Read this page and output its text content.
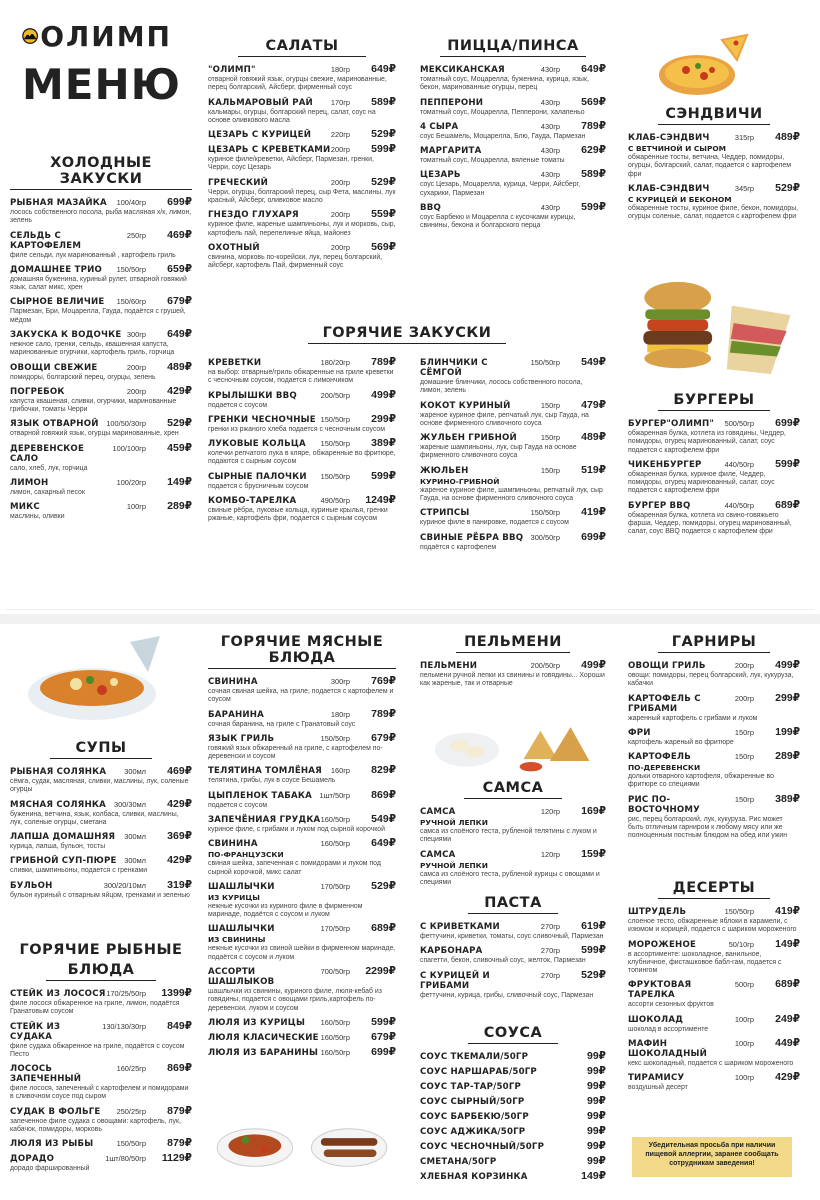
ОЛИМП
МЕНЮ
ХОЛОДНЫЕ ЗАКУСКИ
РЫБНАЯ МАЗАЙКА	100/40гр	699₽
лосось собственного посола, рыба масляная х/к, лимон, зелень
СЕЛЬДЬ С КАРТОФЕЛЕМ
250гр	469₽
филе сельди, лук маринованный , картофель гриль
ДОМАШНЕЕ ТРИО	150/50гр	659₽
домашняя буженина, куриный рулет, отварной говяжий язык, салат микс, хрен
СЫРНОЕ ВЕЛИЧИЕ	150/60гр	679₽
Пармезан, Бри, Моцарелла, Гауда, подаётся с грушей, мёдом
ЗАКУСКА К ВОДОЧКЕ 300гр	649₽
нежное сало, гренки, сельдь, квашенная капуста, маринованные огурчики, картофель гриль, горчица
ОВОЩИ СВЕЖИЕ	200гр	489₽
помидоры, болгарский перец, огурцы, зелень
ПОГРЕБОК	200гр	429₽
капуста квашеная, сливки, огурчики, маринованные грибочки, томаты Черри
ЯЗЫК ОТВАРНОЙ	100/50/30гр	529₽
отварной говяжий язык, огурцы маринованные, хрен
ДЕРЕВЕНСКОЕ САЛО
100/100гр	459₽
сало, хлеб, лук, горчица
ЛИМОН	100/20гр	149₽
лимон, сахарный песок
МИКС	100гр	289₽
маслины, оливки
САЛАТЫ
"ОЛИМП"	180гр	649₽
отварной говяжий язык, огурцы свежие, маринованные, перец болгарский, Айсберг, фирменный соус
КАЛЬМАРОВЫЙ РАЙ	170гр	589₽
кальмары, огурцы, болгарский перец, салат, соус на основе оливкового масла
ЦЕЗАРЬ С КУРИЦЕЙ	220гр	529₽
ЦЕЗАРЬ С КРЕВЕТКАМИ 200гр	599₽
куриное филе/креветки, Айсберг, Пармезан, гренки, Черри, соус Цезарь
ГРЕЧЕСКИЙ	200гр	529₽
Черри, огурцы, болгарский перец, сыр Фета, маслины, лук красный, Айсберг, оливковое масло
ГНЕЗДО ГЛУХАРЯ	200гр	559₽
куриное филе, жареные шампиньоны, лук и морковь, сыр, картофель пай, перепелиные яйца, майонез
ОХОТНЫЙ	200гр	569₽
свинина, морковь по-корейски, лук, перец болгарский, айсберг, картофель Пай, фирменный соус
ПИЦЦА/ПИНСА
МЕКСИКАНСКАЯ	430гр	649₽
томатный соус, Моцарелла, буженина, курица, язык, бекон, маринованные огурцы, перец
ПЕППЕРОНИ	430гр	569₽
томатный соус, Моцарелла, Пепперони, халапеньо
4 СЫРА	430гр	789₽
соус Бешамель, Моцарелла, Блю, Гауда, Пармезан
МАРГАРИТА	430гр	629₽
томатный соус, Моцарелла, вяленые томаты
ЦЕЗАРЬ	430гр	589₽
соус Цезарь, Моцарелла, курица, Черри, Айсберг, сухарики, Пармезан
BBQ	430гр	599₽
соус Барбекю и Моцарелла с кусочками курицы, свинины, бекона и болгарского перца
СЭНДВИЧИ
КЛАБ-СЭНДВИЧ	315гр	489₽
С ВЕТЧИНОЙ И СЫРОМ
обжаренные тосты, ветчина, Чеддер, помидоры, огурцы, болгарский, салат, подается с картофелем фри
КЛАБ-СЭНДВИЧ	345гр	529₽
С КУРИЦЕЙ И БЕКОНОМ
обжаренные тосты, куриное филе, бекон, помидоры, огурцы соленые, салат, подается с картофелем фри
ГОРЯЧИЕ ЗАКУСКИ
КРЕВЕТКИ	180/20гр	789₽
на выбор: отварные/гриль обжаренные на гриле креветки с чесночным соусом, подается с лимончиком
КРЫЛЫШКИ BBQ	200/50гр	499₽
подается с соусом
ГРЕНКИ ЧЕСНОЧНЫЕ 150/50гр	299₽
гренки из ржаного хлеба подается с чесночным соусом
ЛУКОВЫЕ КОЛЬЦА	150/50гр	389₽
колечки репчатого лука в кляре, обжаренные во фритюре, подаются с сырным соусом
СЫРНЫЕ ПАЛОЧКИ	150/50гр	599₽
подается с брусничным соусом
КОМБО-ТАРЕЛКА	490/50гр	1249₽
свиные рёбра, луковые кольца, куриные крылья, гренки ржаные, картофель фри, подается с сырным соусом
БЛИНЧИКИ С СЁМГОЙ
150/50гр	549₽
домашние блинчики, лосось собственного посола, лимон, зелень
КОКОТ КУРИНЫЙ	150гр	479₽
жареное куриное филе, репчатый лук, сыр Гауда, на основе фирменного сливочного соуса
ЖУЛЬЕН ГРИБНОЙ	150гр	489₽
жареные шампиньоны, лук, сыр Гауда на основе фирменного сливочного соуса
ЖЮЛЬЕН	150гр	519₽
КУРИНО-ГРИБНОЙ
жареное куриное филе, шампиньоны, репчатый лук, сыр Гауда, на основе фирменного сливочного соуса
СТРИПСЫ	150/50гр	419₽
куриное филе в панировке, подается с соусом
СВИНЫЕ РЁБРА BBQ 300/50гр	699₽
подаётся с картофелем
БУРГЕРЫ
БУРГЕР"ОЛИМП"	500/50гр	699₽
обжаренная булка, котлета из говядины, Чеддер, помидоры, огурец маринованный, салат, соус подается с картофелем фри
ЧИКЕНБУРГЕР	440/50гр	599₽
обжаренная булка, куриное филе, Чеддер, помидоры, огурец маринованный, салат, соус подается с картофелем фри
БУРГЕР BBQ	440/50гр	689₽
обжаренная булка, котлета из свино-говяжьего фарша, Чеддер, помидоры, огурец маринованный, салат, соус BBQ подается с картофелем фри
СУПЫ
РЫБНАЯ СОЛЯНКА	300мл	469₽
сёмга, судак, масляная, сливки, маслины, лук, соленые огурцы
МЯСНАЯ СОЛЯНКА	300/30мл	429₽
буженина, ветчина, язык, колбаса, сливки, маслины, лук, соленые огурцы, сметана
ЛАПША ДОМАШНЯЯ	300мл	369₽
курица, лапша, бульон, тосты
ГРИБНОЙ СУП-ПЮРЕ	300мл	429₽
сливки, шампиньоны, подается с гренками
БУЛЬОН	300/20/10мл	319₽
бульон куриный с отварным яйцом, гренками и зеленью
ГОРЯЧИЕ РЫБНЫЕ
БЛЮДА
СТЕЙК ИЗ ЛОСОСЯ 170/25/50гр	1399₽
филе лосося обжаренное на гриле, лимон, подаётся Гранатовым соусом
СТЕЙК ИЗ СУДАКА
130/130/30гр	849₽
филе судака обжаренное на гриле, подаётся с соусом Песто
ЛОСОСЬ ЗАПЕЧЕННЫЙ
160/25гр	869₽
филе лосося, запеченный с картофелем и помидорами в сливочном соусе под сыром
СУДАК В ФОЛЬГЕ	250/25гр	879₽
запеченное филе судака с овощами: картофель, лук, кабачок, помидоры, морковь
ЛЮЛЯ ИЗ РЫБЫ	150/50гр	879₽
ДОРАДО	1шт/80/50гр	1129₽
дорадо фаршированный
ГОРЯЧИЕ МЯСНЫЕ БЛЮДА
СВИНИНА	300гр	769₽
сочная свиная шейка, на гриле, подается с картофелем и соусом
БАРАНИНА	180гр	789₽
сочная баранина, на гриле с Гранатовый соус
ЯЗЫК ГРИЛЬ	150/50гр	679₽
говяжий язык обжаренный на гриле, с картофелем по-деревенски и соусом
ТЕЛЯТИНА ТОМЛЁНАЯ	160гр	829₽
телятина, грибы, лук в соусе Бешамель
ЦЫПЛЕНОК ТАБАКА	1шт/50гр	869₽
подается с соусом
ЗАПЕЧЁНИАЯ ГРУДКА 160/50гр	549₽
куриное филе, с грибами и луком под сырной корочкой
СВИНИНА	160/50гр	649₽
ПО-ФРАНЦУЗСКИ
свиная шейка, запеченная с помидорами и луком под сырной корочкой, микс салат
ШАШЛЫЧКИ	170/50гр	529₽
ИЗ КУРИЦЫ
нежные кусочки из куриного филе в фирменном маринаде, подаётся с соусом и луком
ШАШЛЫЧКИ	170/50гр	689₽
ИЗ СВИНИНЫ
нежные кусочки из свиной шейки в фирменном маринаде, подаётся с соусом и луком
АССОРТИ ШАШЛЫКОВ
700/50гр	2299₽
шашлычки из свинины, куриного филе, люля-кебаб из говядины, подается с овощами гриль,картофель по-деревенски, луком и соусом
ЛЮЛЯ ИЗ КУРИЦЫ	160/50гр	599₽
ЛЮЛЯ КЛАСИЧЕСКИЕ 160/50гр	679₽
ЛЮЛЯ ИЗ БАРАНИНЫ 160/50гр	699₽
ПЕЛЬМЕНИ
ПЕЛЬМЕНИ	200/50гр	499₽
пельмени ручной лепки из свинины и говядины... Хороши как жареные, так и отварные
САМСА
САМСА	120гр	169₽
РУЧНОЙ ЛЕПКИ
самса из слоёного теста, рубленой телятины с луком и специями
САМСА	120гр	159₽
РУЧНОЙ ЛЕПКИ
самса из слоёного теста, рубленой курицы с овощами и специями
ПАСТА
С КРИВЕТКАМИ	270гр	619₽
феттучини, криветки, томаты, соус сливочный, Пармезан
КАРБОНАРА	270гр	599₽
спагетти, бекон, сливочный соус, желток, Пармезан
С КУРИЦЕЙ И ГРИБАМИ
270гр	529₽
феттучини, курица, грибы, сливочный соус, Пармезан
СОУСА
СОУС ТКЕМАЛИ/50ГР	99₽
СОУС НАРШАРАБ/50ГР	99₽
СОУС ТАР-ТАР/50ГР	99₽
СОУС СЫРНЫЙ/50ГР	99₽
СОУС БАРБЕКЮ/50ГР	99₽
СОУС АДЖИКА/50ГР	99₽
СОУС ЧЕСНОЧНЫЙ/50ГР	99₽
СМЕТАНА/50ГР	99₽
ХЛЕБНАЯ КОРЗИНКА	149₽
ГАРНИРЫ
ОВОЩИ ГРИЛЬ	200гр	499₽
овощи: помидоры, перец болгарский, лук, кукуруза, кабачки
КАРТОФЕЛЬ С ГРИБАМИ
200гр	299₽
жаренный картофель с грибами и луком
ФРИ	150гр	199₽
картофель жареный во фритюре
КАРТОФЕЛЬ	150гр	289₽
ПО-ДЕРЕВЕНСКИ
дольки отварного картофеля, обжаренные во фритюре со специями
РИС ПО-ВОСТОЧНОМУ
150гр	389₽
рис, перец болгарский, лук, кукуруза. Рис может быть отличным гарниром к любому мясу или же полноценным постным блюдом на обед или ужин
ДЕСЕРТЫ
ШТРУДЕЛЬ	150/50гр	419₽
слоеное тесто, обжаренные яблоки в карамели, с изюмом и корицей, подается с шариком мороженого
МОРОЖЕНОЕ	50/10гр	149₽
в ассортименте: шоколадное, ванильное, клубничное, фисташковое бабл-гам, подается с топингом
ФРУКТОВАЯ ТАРЕЛКА
500гр	689₽
ассорти сезонных фруктов
ШОКОЛАД	100гр	249₽
шоколад в ассортименте
МАФИН ШОКОЛАДНЫЙ
100гр	449₽
кекс шоколадный, подается с шариком мороженого
ТИРАМИСУ	100гр	429₽
воздушный десерт
Убедительная просьба при наличии пищевой аллергии, заранее сообщать сотрудникам заведения!
